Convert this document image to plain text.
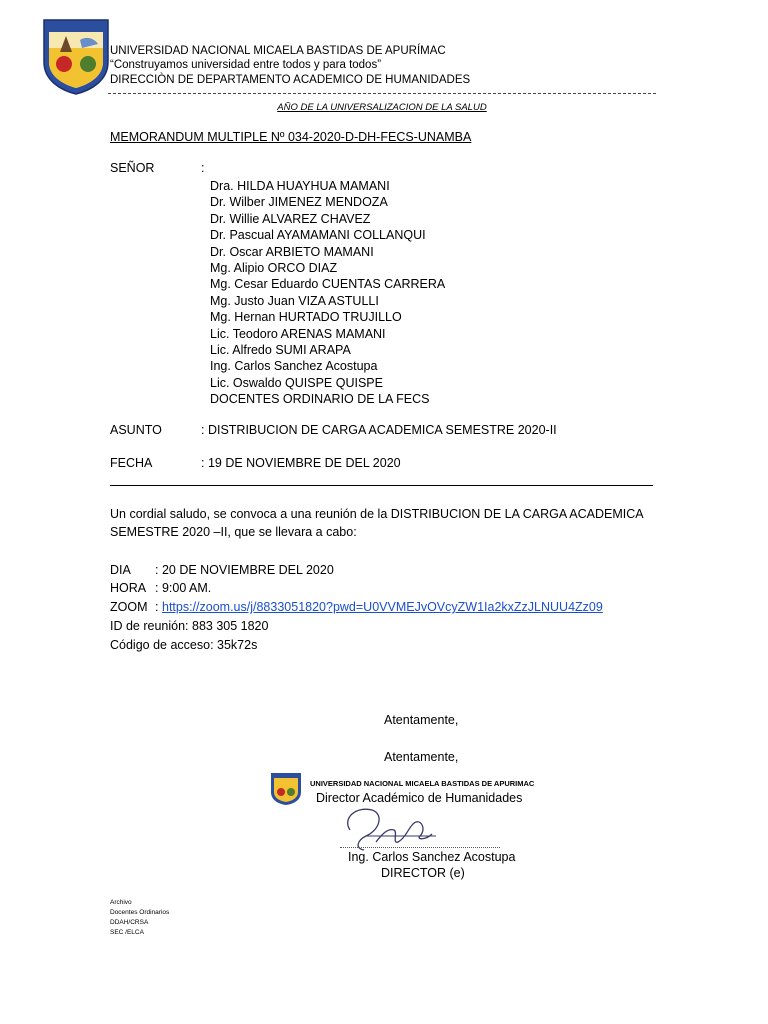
UNIVERSIDAD NACIONAL MICAELA BASTIDAS DE APURÍMAC
“Construyamos universidad entre todos y para todos”
DIRECCIÒN DE DEPARTAMENTO ACADEMICO DE HUMANIDADES
AÑO DE LA UNIVERSALIZACION DE LA SALUD
MEMORANDUM MULTIPLE Nº 034-2020-D-DH-FECS-UNAMBA
SEÑOR	:
Dra. HILDA HUAYHUA MAMANI
Dr. Wilber JIMENEZ MENDOZA
Dr. Willie ALVAREZ CHAVEZ
Dr. Pascual AYAMAMANI COLLANQUI
Dr. Oscar ARBIETO MAMANI
Mg. Alipio ORCO DIAZ
Mg. Cesar Eduardo CUENTAS CARRERA
Mg. Justo Juan VIZA ASTULLI
Mg. Hernan HURTADO TRUJILLO
Lic. Teodoro ARENAS MAMANI
Lic. Alfredo SUMI ARAPA
Ing. Carlos Sanchez Acostupa
Lic. Oswaldo QUISPE QUISPE
DOCENTES ORDINARIO DE LA FECS
ASUNTO	: DISTRIBUCION DE CARGA ACADEMICA SEMESTRE 2020-II
FECHA	: 19 DE NOVIEMBRE DE DEL 2020
Un cordial saludo, se convoca a una reunión de la DISTRIBUCION DE LA CARGA ACADEMICA
SEMESTRE 2020 –II, que se llevara a cabo:
DIA : 20 DE NOVIEMBRE DEL 2020
HORA : 9:00 AM.
ZOOM : https://zoom.us/j/8833051820?pwd=U0VVMEJvOVcyZW1Ia2kxZzJLNUU4Zz09
ID de reunión: 883 305 1820
Código de acceso: 35k72s
Atentamente,
Atentamente,
UNIVERSIDAD NACIONAL MICAELA BASTIDAS DE APURIMAC
Director Académico de Humanidades
Ing. Carlos Sanchez Acostupa
DIRECTOR (e)
Archivo
Docentes Ordinarios
DDAH/CRSA
SEC /ELCA
